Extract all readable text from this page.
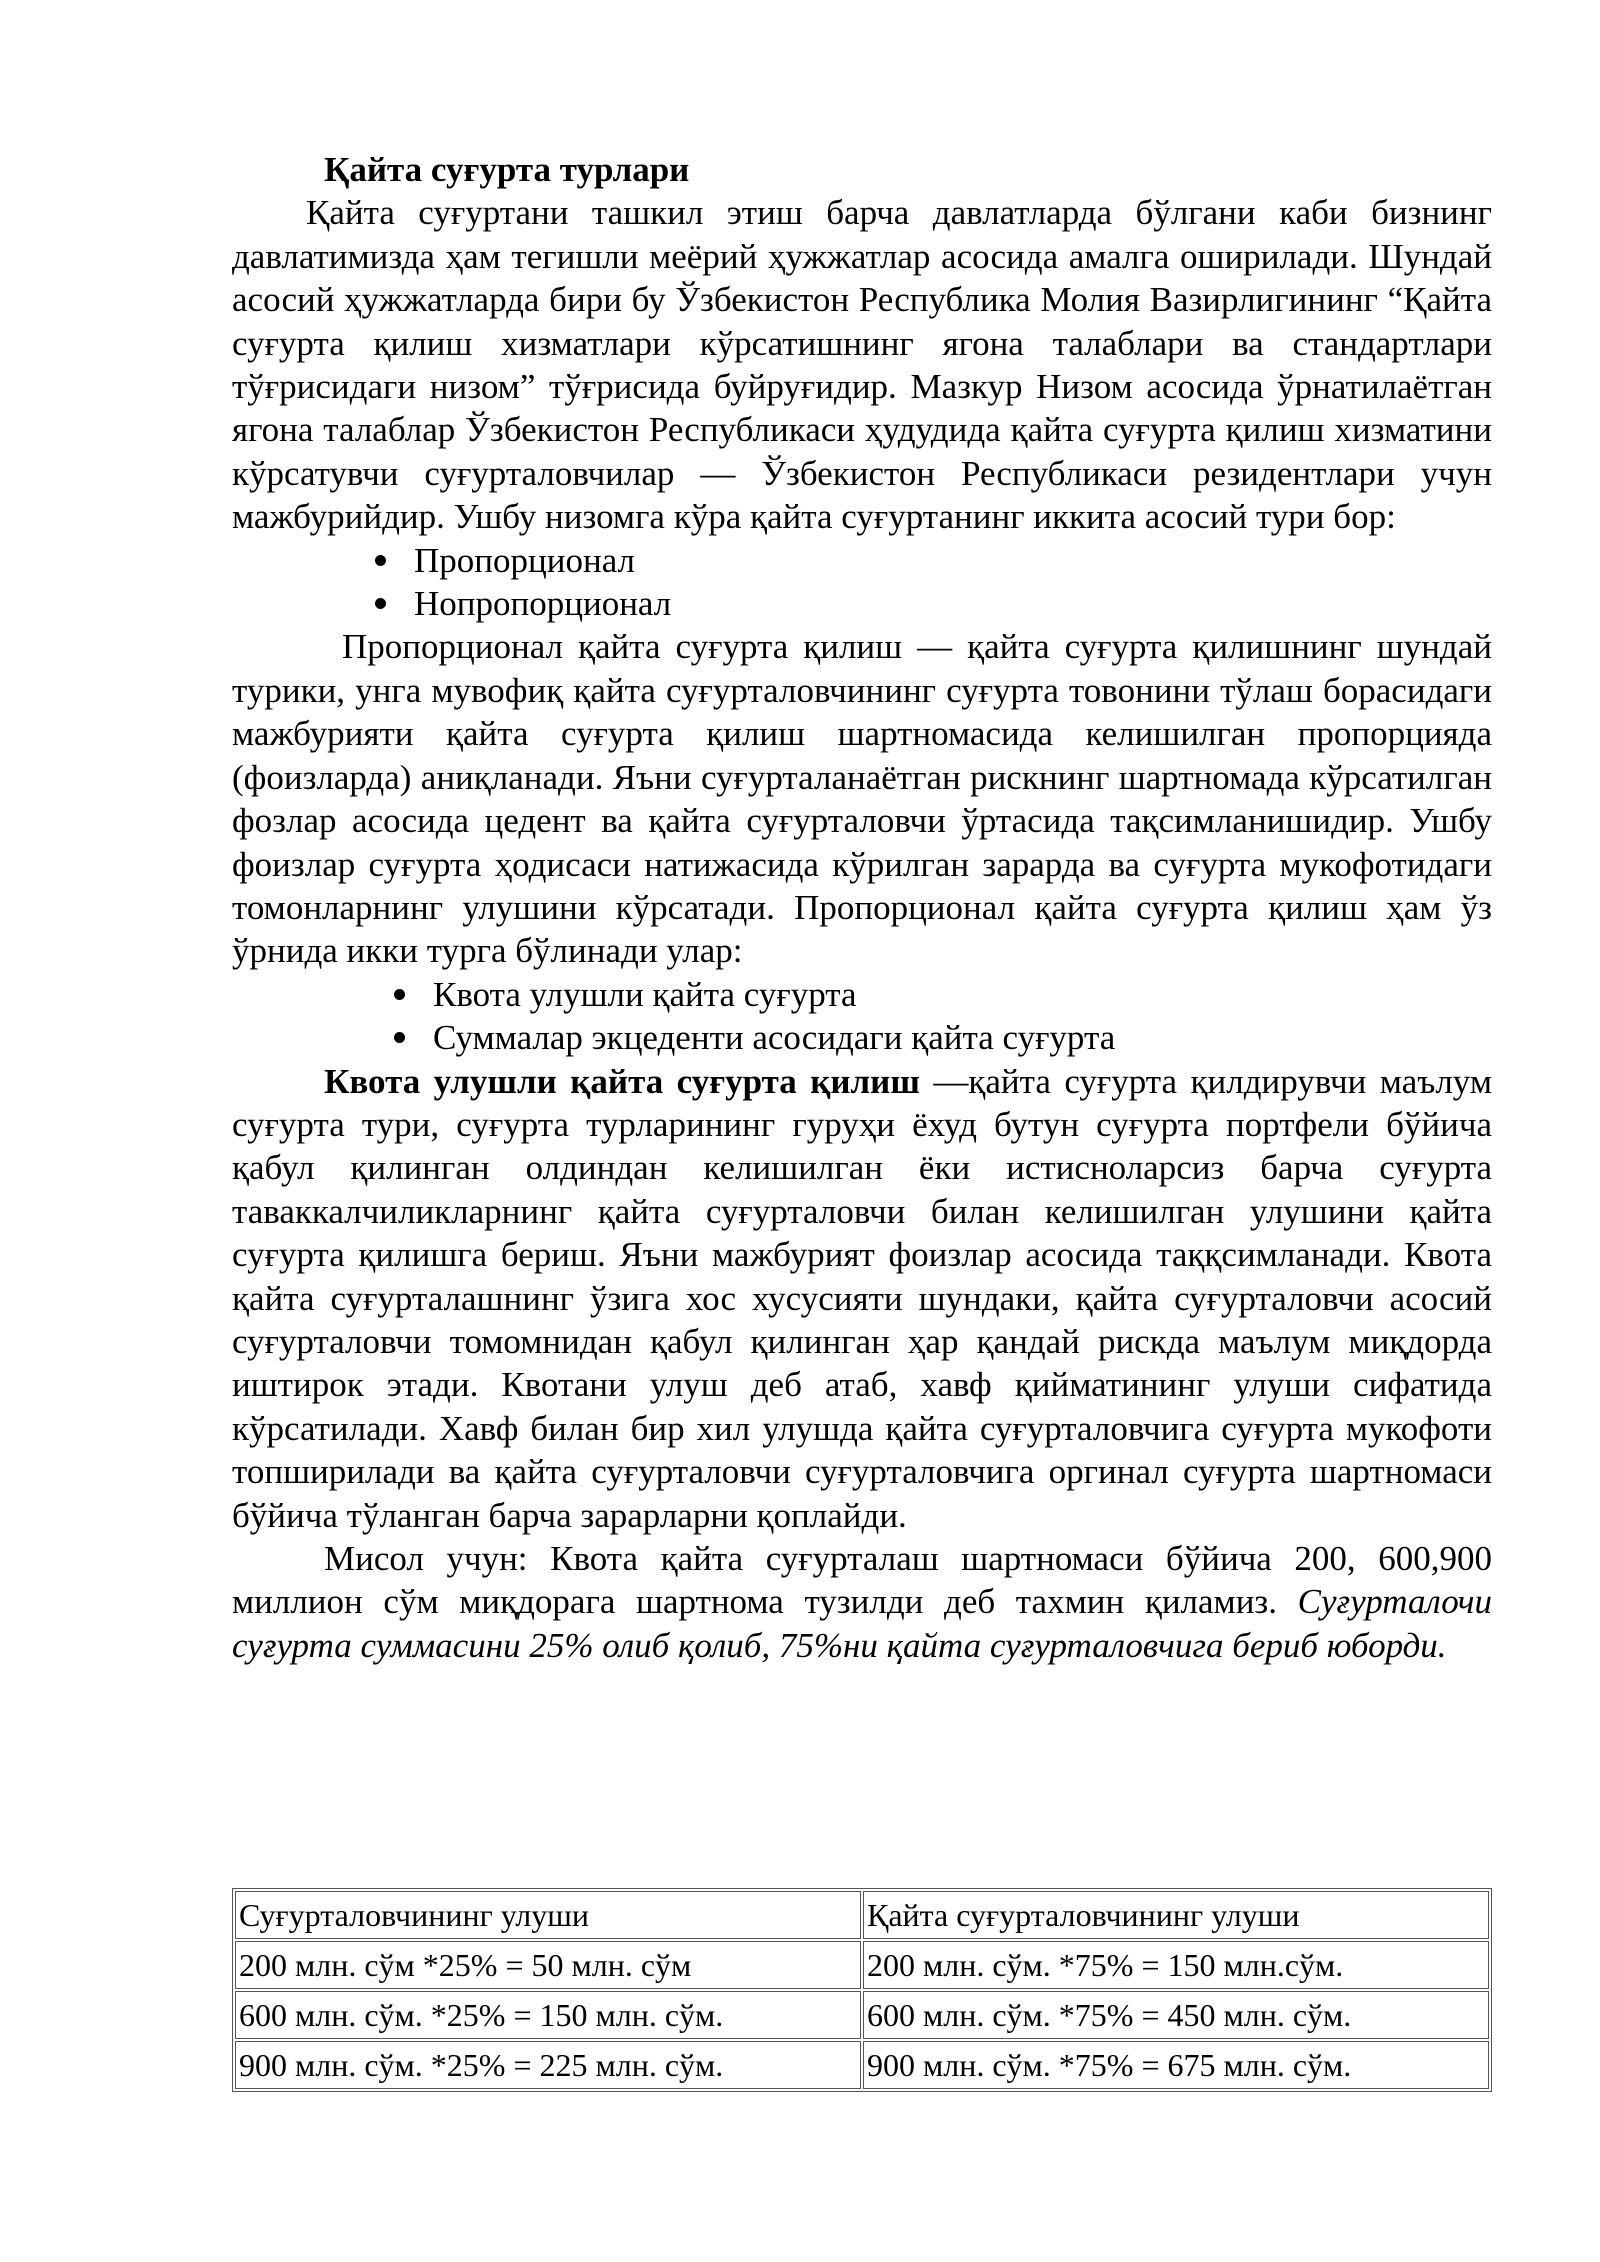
Қайта суғурта турлари

Қайта суғуртани ташкил этиш барча давлатларда бўлгани каби бизнинг давлатимизда ҳам тегишли меёрий ҳужжатлар асосида амалга оширилади. Шундай асосий ҳужжатларда бири бу Ўзбекистон Республика Молия Вазирлигининг “Қайта суғурта қилиш хизматлари кўрсатишнинг ягона талаблари ва стандартлари тўғрисидаги низом” тўғрисида буйруғидир. Мазкур Низом асосида ўрнатилаётган ягона талаблар Ўзбекистон Республикаси ҳудудида қайта суғурта қилиш хизматини кўрсатувчи суғурталовчилар — Ўзбекистон Республикаси резидентлари учун мажбурийдир. Ушбу низомга кўра қайта суғуртанинг иккита асосий тури бор:

Пропорционал
Нопропорционал

Пропорционал қайта суғурта қилиш — қайта суғурта қилишнинг шундай турики, унга мувофиқ қайта суғурталовчининг суғурта товонини тўлаш борасидаги мажбурияти қайта суғурта қилиш шартномасида келишилган пропорцияда (фоизларда) аниқланади. Яъни суғурталанаётган рискнинг шартномада кўрсатилган фозлар асосида цедент ва қайта суғурталовчи ўртасида тақсимланишидир. Ушбу фоизлар суғурта ҳодисаси натижасида кўрилган зарарда ва суғурта мукофотидаги томонларнинг улушини кўрсатади. Пропорционал қайта суғурта қилиш ҳам ўз ўрнида икки турга бўлинади улар:

Квота улушли қайта суғурта
Суммалар экцеденти асосидаги қайта суғурта

Квота улушли қайта суғурта қилиш —қайта суғурта қилдирувчи маълум суғурта тури, суғурта турларининг гуруҳи ёхуд бутун суғурта портфели бўйича қабул қилинган олдиндан келишилган ёки истисноларсиз барча суғурта таваккалчиликларнинг қайта суғурталовчи билан келишилган улушини қайта суғурта қилишга бериш. Яъни мажбурият фоизлар асосида таққсимланади. Квота қайта суғурталашнинг ўзига хос хусусияти шундаки, қайта суғурталовчи асосий суғурталовчи томомнидан қабул қилинган ҳар қандай рискда маълум миқдорда иштирок этади. Квотани улуш деб атаб, хавф қийматининг улуши сифатида кўрсатилади. Хавф билан бир хил улушда қайта суғурталовчига суғурта мукофоти топширилади ва қайта суғурталовчи суғурталовчига оргинал суғурта шартномаси бўйича тўланган барча зарарларни қоплайди.

Мисол учун: Квота қайта суғурталаш шартномаси бўйича 200, 600,900 миллион сўм миқдорага шартнома тузилди деб тахмин қиламиз. Суғурталочи суғурта суммасини 25% олиб қолиб, 75%ни қайта суғурталовчига бериб юборди.

Суғурталовчининг улуши	Қайта суғурталовчининг улуши
200 млн. сўм *25% = 50 млн. сўм	200 млн. сўм. *75% = 150 млн.сўм.
600 млн. сўм. *25% = 150 млн. сўм.	600 млн. сўм. *75% = 450 млн. сўм.
900 млн. сўм. *25% = 225 млн. сўм.	900 млн. сўм. *75% = 675 млн. сўм.
